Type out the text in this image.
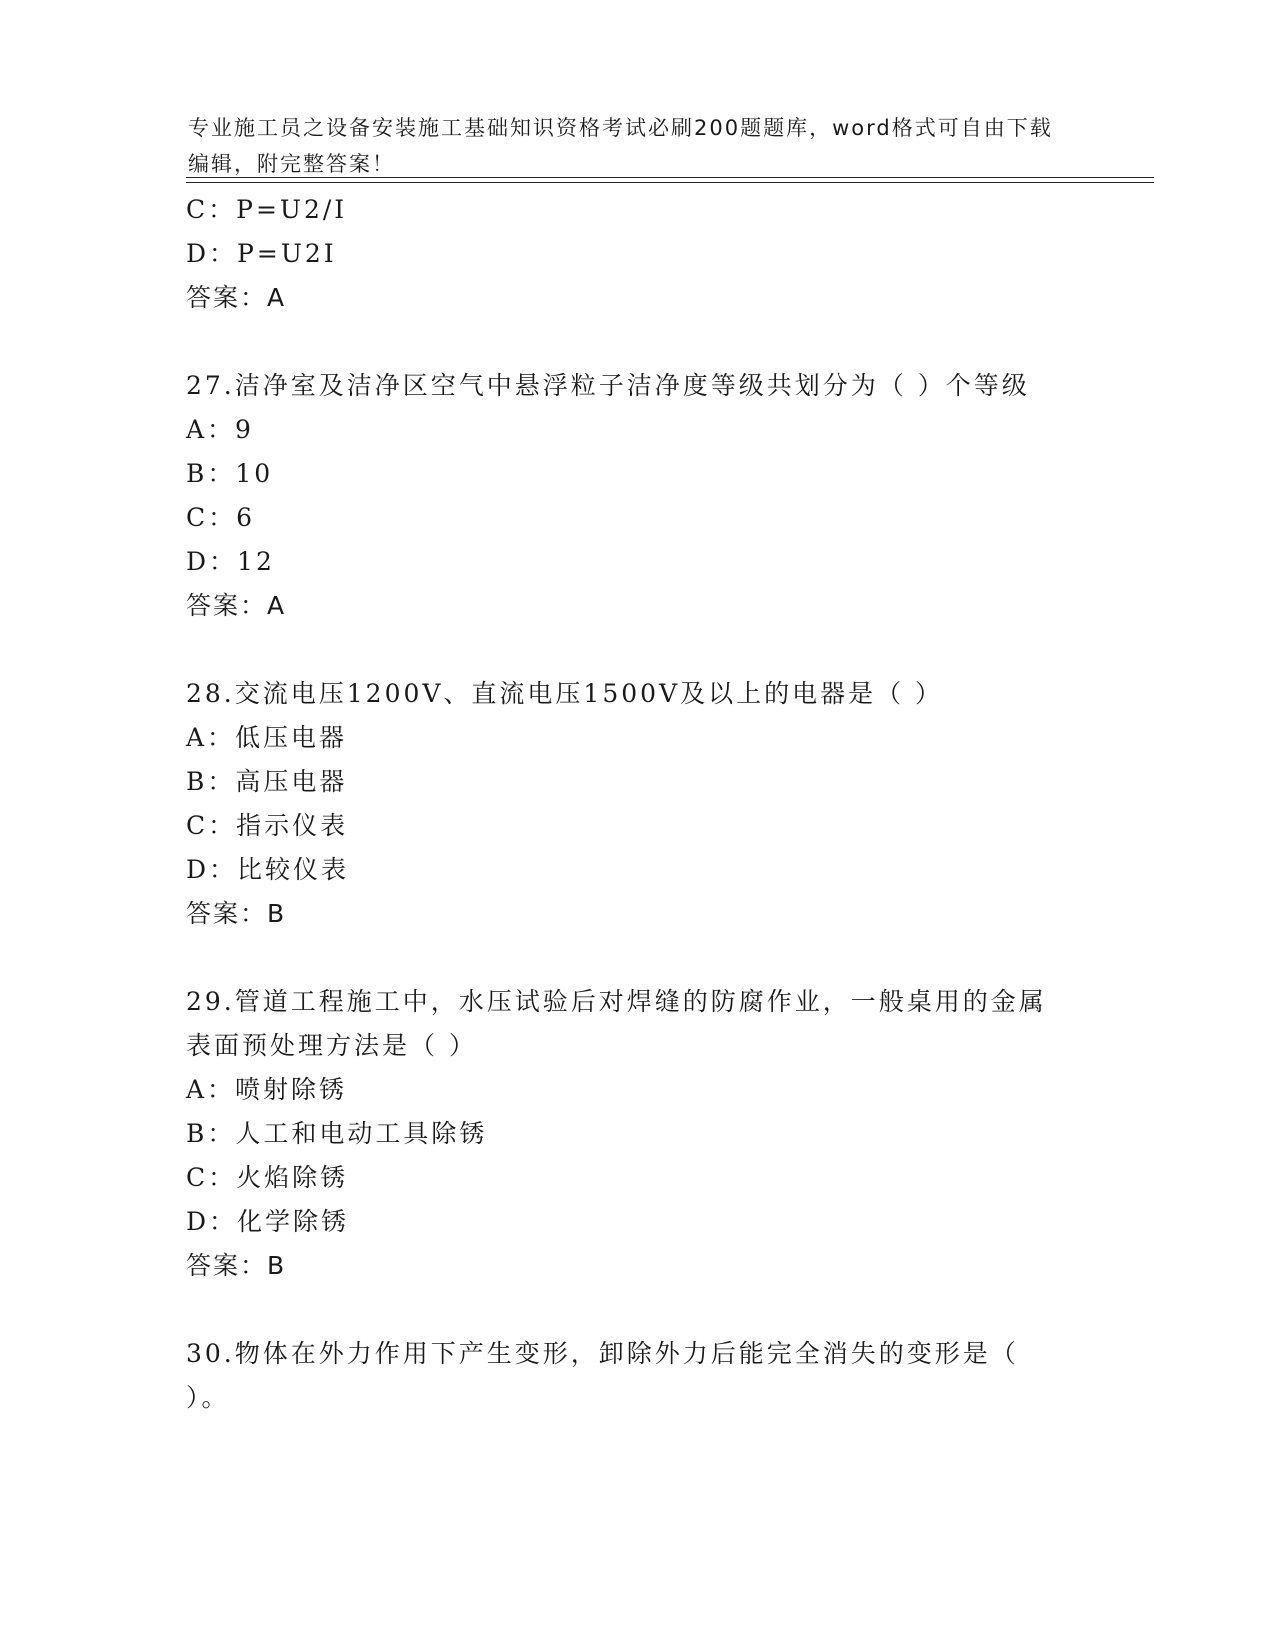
专业施工员之设备安装施工基础知识资格考试必刷200题题库，word格式可自由下载编辑，附完整答案！

C：P=U2/I
D：P=U2I
答案：A
27.洁净室及洁净区空气中悬浮粒子洁净度等级共划分为（ ）个等级
A：9
B：10
C：6
D：12
答案：A
28.交流电压1200V、直流电压1500V及以上的电器是（ ）
A：低压电器
B：高压电器
C：指示仪表
D：比较仪表
答案：B
29.管道工程施工中，水压试验后对焊缝的防腐作业，一般桌用的金属
表面预处理方法是（ ）
A：喷射除锈
B：人工和电动工具除锈
C：火焰除锈
D：化学除锈
答案：B
30.物体在外力作用下产生变形，卸除外力后能完全消失的变形是（
）。
